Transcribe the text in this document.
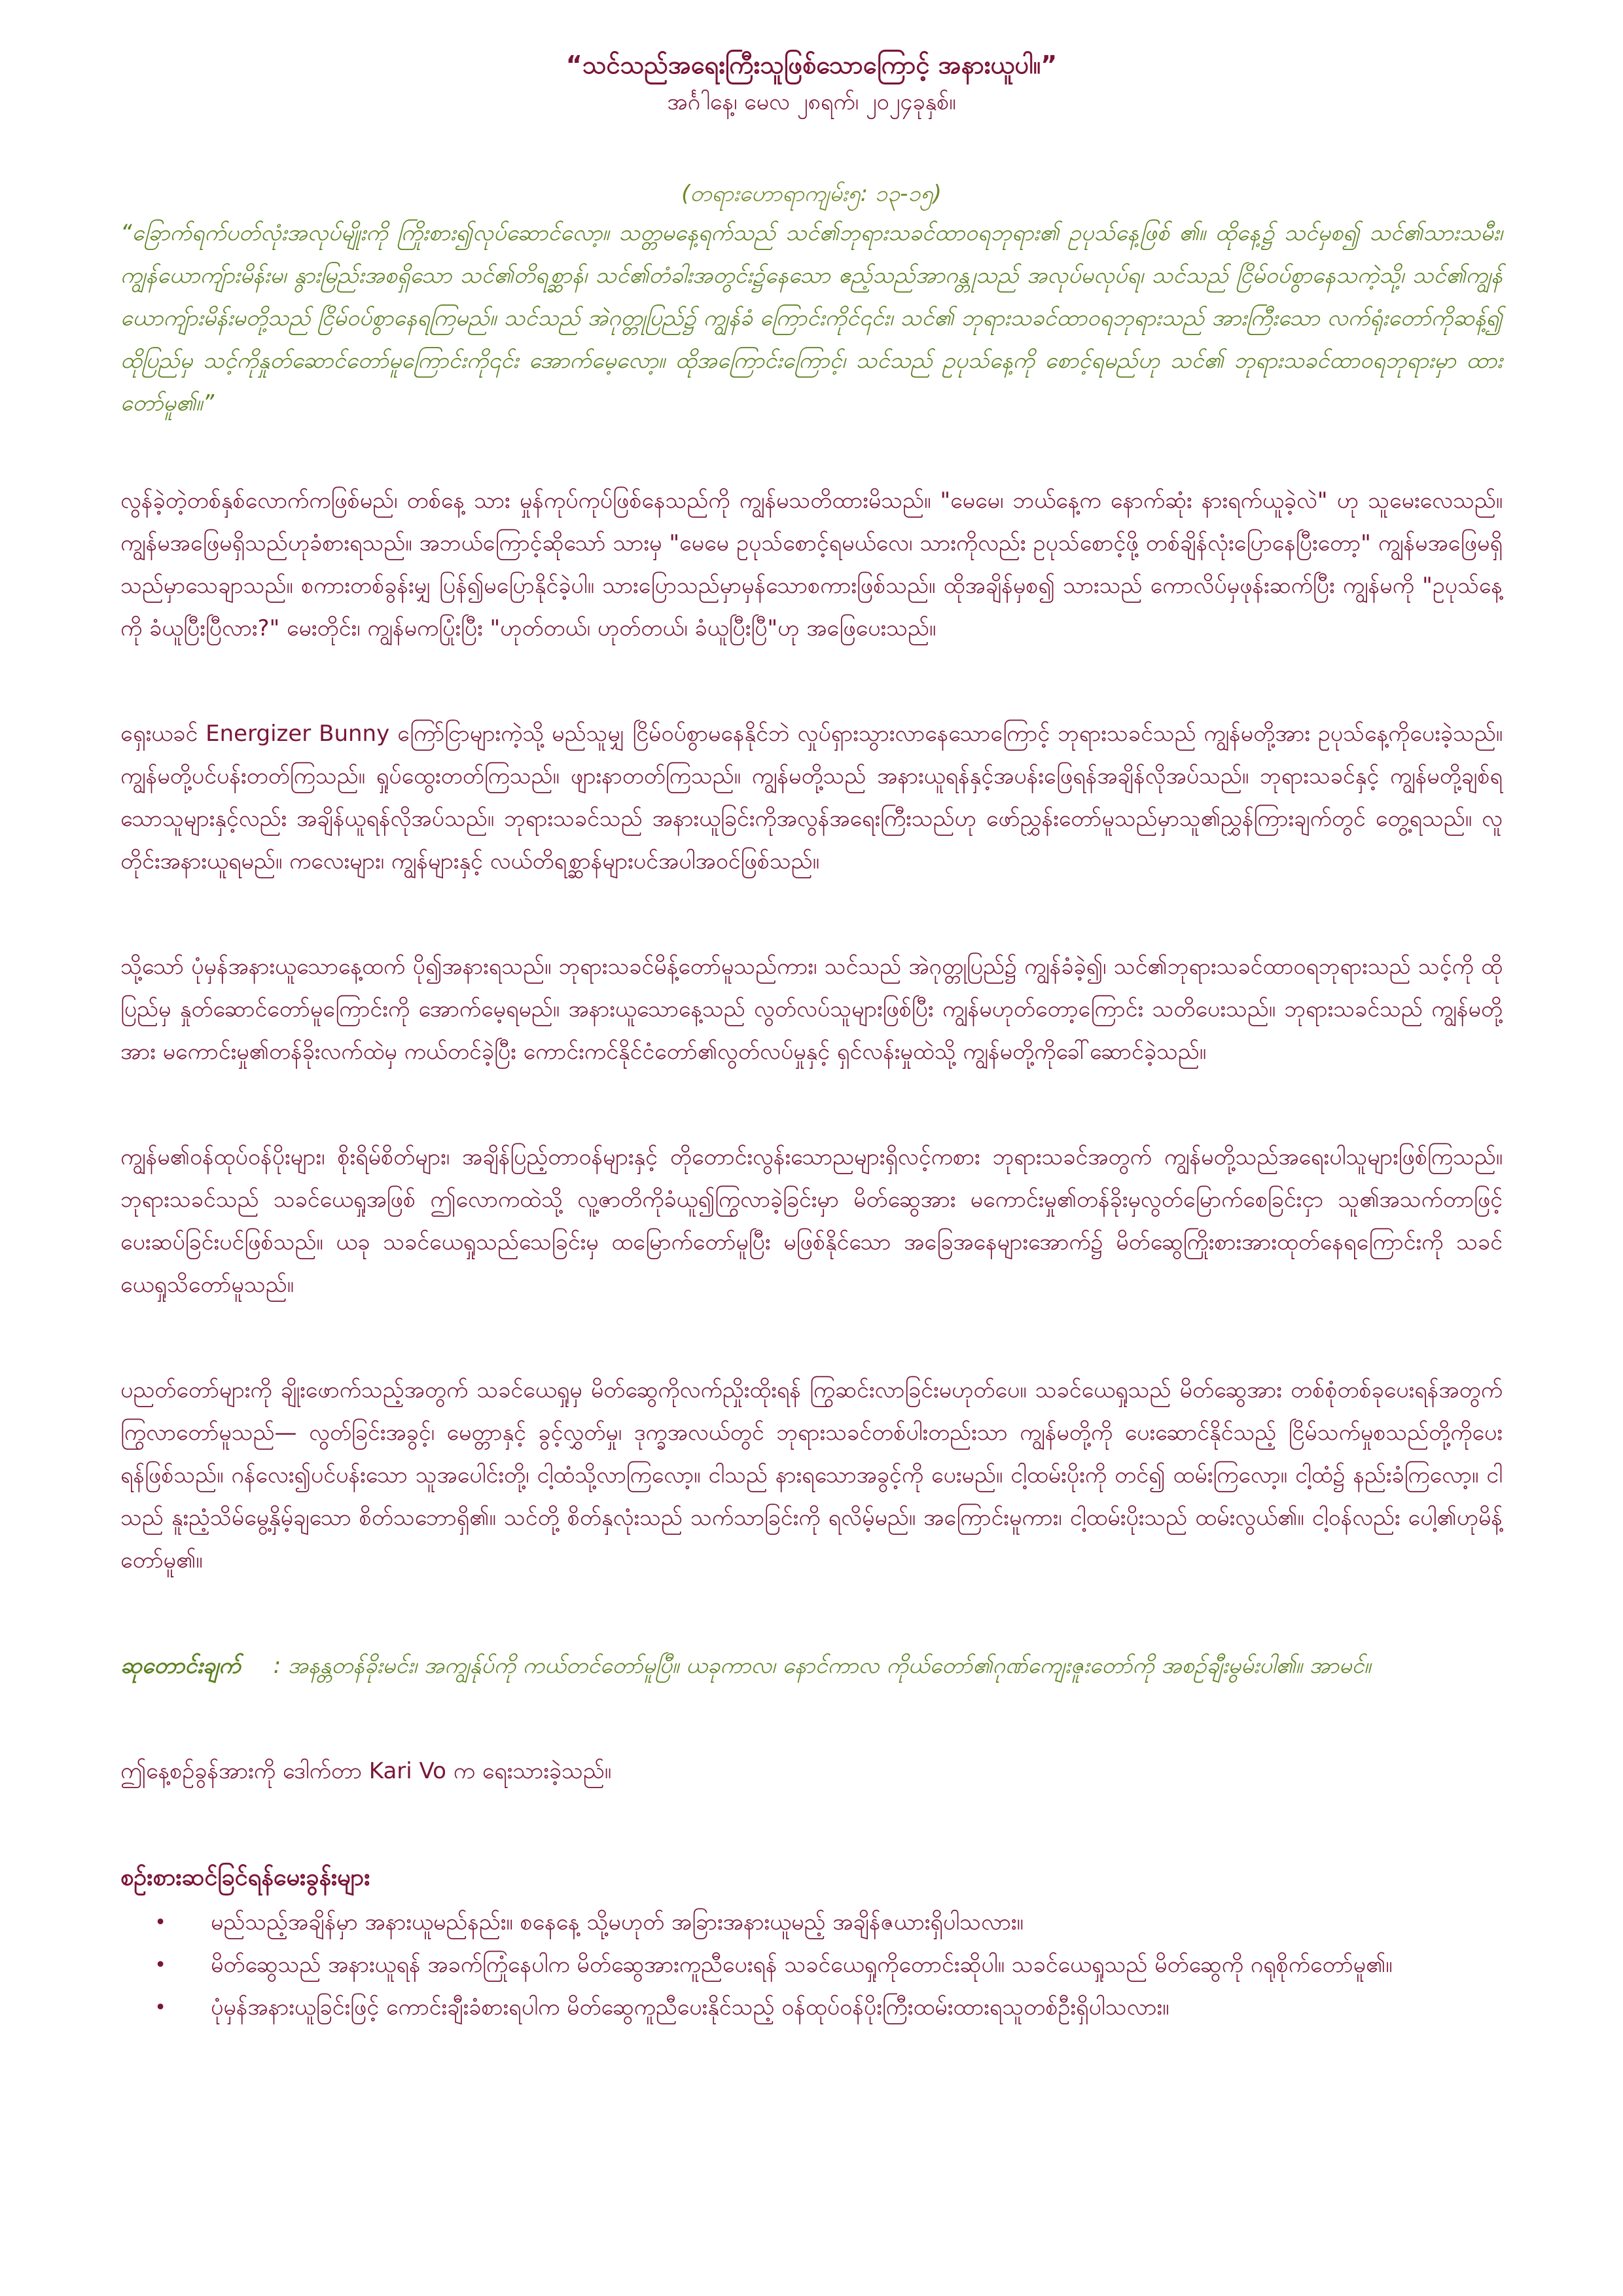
“သင်သည်အရေးကြီးသူဖြစ်သောကြောင့် အနားယူပါ။”

အင်္ဂါနေ့၊ မေလ ၂၈ရက်၊ ၂၀၂၄ခုနှစ်။

(တရားဟောရာကျမ်း၅: ၁၃-၁၅)

“ခြောက်ရက်ပတ်လုံးအလုပ်မျိုးကို ကြိုးစား၍လုပ်ဆောင်လော့။ သတ္တမနေ့ရက်သည် သင်၏ဘုရားသခင်ထာဝရဘုရား၏ ဥပုသ်နေ့ဖြစ် ၏။ ထိုနေ့၌ သင်မှစ၍ သင်၏သားသမီး၊ ကျွန်ယောကျ်ားမိန်းမ၊ နွားမြည်းအစရှိသော သင်၏တိရစ္ဆာန်၊ သင်၏တံခါးအတွင်း၌နေသော ဧည့်သည်အာဂန္တုသည် အလုပ်မလုပ်ရ၊ သင်သည် ငြိမ်ဝပ်စွာနေသကဲ့သို့၊ သင်၏ကျွန်ယောကျ်ားမိန်းမတို့သည် ငြိမ်ဝပ်စွာနေရကြမည်။ သင်သည် အဲဂုတ္တုပြည်၌ ကျွန်ခံ ကြောင်းကိုင်၎င်း၊ သင်၏ ဘုရားသခင်ထာဝရဘုရားသည် အားကြီးသော လက်ရုံးတော်ကိုဆန့်၍ ထိုပြည်မှ သင့်ကိုနှုတ်ဆောင်တော်မူကြောင်းကို၎င်း အောက်မေ့လော့။ ထိုအကြောင်းကြောင့်၊ သင်သည် ဥပုသ်နေ့ကို စောင့်ရမည်ဟု သင်၏ ဘုရားသခင်ထာဝရဘုရားမှာ ထားတော်မူ၏။”

လွန်ခဲ့တဲ့တစ်နှစ်လောက်ကဖြစ်မည်၊ တစ်နေ့ သား မှုန်ကုပ်ကုပ်ဖြစ်နေသည်ကို ကျွန်မသတိထားမိသည်။ "မေမေ၊ ဘယ်နေ့က နောက်ဆုံး နားရက်ယူခဲ့လဲ" ဟု သူမေးလေသည်။ ကျွန်မအဖြေမရှိသည်ဟုခံစားရသည်။ အဘယ်ကြောင့်ဆိုသော် သားမှ "မေမေ ဥပုသ်စောင့်ရမယ်လေ၊ သားကိုလည်း ဥပုသ်စောင့်ဖို့ တစ်ချိန်လုံးပြောနေပြီးတော့" ကျွန်မအဖြေမရှိသည်မှာသေချာသည်။ စကားတစ်ခွန်းမျှ ပြန်၍မပြောနိုင်ခဲ့ပါ။ သားပြောသည်မှာမှန်သောစကားဖြစ်သည်။ ထိုအချိန်မှစ၍ သားသည် ကောလိပ်မှဖုန်းဆက်ပြီး ကျွန်မကို "ဥပုသ်နေ့ကို ခံယူပြီးပြီလား?" မေးတိုင်း၊ ကျွန်မကပြုံးပြီး "ဟုတ်တယ်၊ ဟုတ်တယ်၊ ခံယူပြီးပြီ"ဟု အဖြေပေးသည်။

ရှေးယခင် Energizer Bunny ကြော်ငြာများကဲ့သို့ မည်သူမျှ ငြိမ်ဝပ်စွာမနေနိုင်ဘဲ လှုပ်ရှားသွားလာနေသောကြောင့် ဘုရားသခင်သည် ကျွန်မတို့အား ဥပုသ်နေ့ကိုပေးခဲ့သည်။ ကျွန်မတို့ပင်ပန်းတတ်ကြသည်။ ရှုပ်ထွေးတတ်ကြသည်။ ဖျားနာတတ်ကြသည်။ ကျွန်မတို့သည် အနားယူရန်နှင့်အပန်းဖြေရန်အချိန်လိုအပ်သည်။ ဘုရားသခင်နှင့် ကျွန်မတို့ချစ်ရသောသူများနှင့်လည်း အချိန်ယူရန်လိုအပ်သည်။ ဘုရားသခင်သည် အနားယူခြင်းကိုအလွန်အရေးကြီးသည်ဟု ဖော်ညွှန်းတော်မူသည်မှာသူ၏ညွှန်ကြားချက်တွင် တွေ့ရသည်။ လူတိုင်းအနားယူရမည်။ ကလေးများ၊ ကျွန်များနှင့် လယ်တိရစ္ဆာန်များပင်အပါအဝင်ဖြစ်သည်။

သို့သော် ပုံမှန်အနားယူသောနေ့ထက် ပို၍အနားရသည်။ ဘုရားသခင်မိန့်တော်မူသည်ကား၊ သင်သည် အဲဂုတ္တုပြည်၌ ကျွန်ခံခဲ့၍၊ သင်၏ဘုရားသခင်ထာဝရဘုရားသည် သင့်ကို ထိုပြည်မှ နှုတ်ဆောင်တော်မူကြောင်းကို အောက်မေ့ရမည်။ အနားယူသောနေ့သည် လွတ်လပ်သူများဖြစ်ပြီး ကျွန်မဟုတ်တော့ကြောင်း သတိပေးသည်။ ဘုရားသခင်သည် ကျွန်မတို့အား မကောင်းမှု၏တန်ခိုးလက်ထဲမှ ကယ်တင်ခဲ့ပြီး ကောင်းကင်နိုင်ငံတော်၏လွတ်လပ်မှုနှင့် ရှင်လန်းမှုထဲသို့ ကျွန်မတို့ကိုခေါ်ဆောင်ခဲ့သည်။

ကျွန်မ၏ဝန်ထုပ်ဝန်ပိုးများ၊ စိုးရိမ်စိတ်များ၊ အချိန်ပြည့်တာဝန်များနှင့် တိုတောင်းလွန်းသောညများရှိလင့်ကစား ဘုရားသခင်အတွက် ကျွန်မတို့သည်အရေးပါသူများဖြစ်ကြသည်။ ဘုရားသခင်သည် သခင်ယေရှုအဖြစ် ဤလောကထဲသို့ လူ့ဇာတိကိုခံယူ၍ကြွလာခဲ့ခြင်းမှာ မိတ်ဆွေအား မကောင်းမှု၏တန်ခိုးမှလွတ်မြောက်စေခြင်းငှာ သူ၏အသက်တာဖြင့် ပေးဆပ်ခြင်းပင်ဖြစ်သည်။ ယခု သခင်ယေရှုသည်သေခြင်းမှ ထမြောက်တော်မူပြီး မဖြစ်နိုင်သော အခြေအနေများအောက်၌ မိတ်ဆွေကြိုးစားအားထုတ်နေရကြောင်းကို သခင်ယေရှုသိတော်မူသည်။

ပညတ်တော်များကို ချိုးဖောက်သည့်အတွက် သခင်ယေရှုမှ မိတ်ဆွေကိုလက်ညှိုးထိုးရန် ကြွဆင်းလာခြင်းမဟုတ်ပေ။ သခင်ယေရှုသည် မိတ်ဆွေအား တစ်စုံတစ်ခုပေးရန်အတွက် ကြွလာတော်မူသည်— လွတ်ခြင်းအခွင့်၊ မေတ္တာနှင့် ခွင့်လွှတ်မှု၊ ဒုက္ခအလယ်တွင် ဘုရားသခင်တစ်ပါးတည်းသာ ကျွန်မတို့ကို ပေးဆောင်နိုင်သည့် ငြိမ်သက်မှုစသည်တို့ကိုပေးရန်ဖြစ်သည်။ ဂန်လေး၍ပင်ပန်းသော သူအပေါင်းတို့၊ ငါ့ထံသို့လာကြလော့။ ငါသည် နားရသောအခွင့်ကို ပေးမည်။ ငါ့ထမ်းပိုးကို တင်၍ ထမ်းကြလော့။ ငါ့ထံ၌ နည်းခံကြလော့။ ငါသည် နူးညံ့သိမ်မွေ့နှိမ့်ချသော စိတ်သဘောရှိ၏။ သင်တို့ စိတ်နှလုံးသည် သက်သာခြင်းကို ရလိမ့်မည်။ အကြောင်းမူကား၊ ငါ့ထမ်းပိုးသည် ထမ်းလွယ်၏။ ငါ့ဝန်လည်း ပေါ့၏ဟုမိန့်တော်မူ၏။

ဆုတောင်းချက် : အနန္တတန်ခိုးမင်း၊ အကျွန်ုပ်ကို ကယ်တင်တော်မူပြီ။ ယခုကာလ၊ နောင်ကာလ ကိုယ်တော်၏ဂုဏ်ကျေးဇူးတော်ကို အစဉ်ချီးမွမ်းပါ၏။ အာမင်။

ဤနေ့စဉ်ခွန်အားကို ဒေါက်တာ Kari Vo က ရေးသားခဲ့သည်။

စဉ်းစားဆင်ခြင်ရန်မေးခွန်းများ
• မည်သည့်အချိန်မှာ အနားယူမည်နည်း။ စနေနေ့ သို့မဟုတ် အခြားအနားယူမည့် အချိန်ဇယားရှိပါသလား။
• မိတ်ဆွေသည် အနားယူရန် အခက်ကြုံနေပါက မိတ်ဆွေအားကူညီပေးရန် သခင်ယေရှုကိုတောင်းဆိုပါ။ သခင်ယေရှုသည် မိတ်ဆွေကို ဂရုစိုက်တော်မူ၏။
• ပုံမှန်အနားယူခြင်းဖြင့် ကောင်းချီးခံစားရပါက မိတ်ဆွေကူညီပေးနိုင်သည့် ဝန်ထုပ်ဝန်ပိုးကြီးထမ်းထားရသူတစ်ဦးရှိပါသလား။
